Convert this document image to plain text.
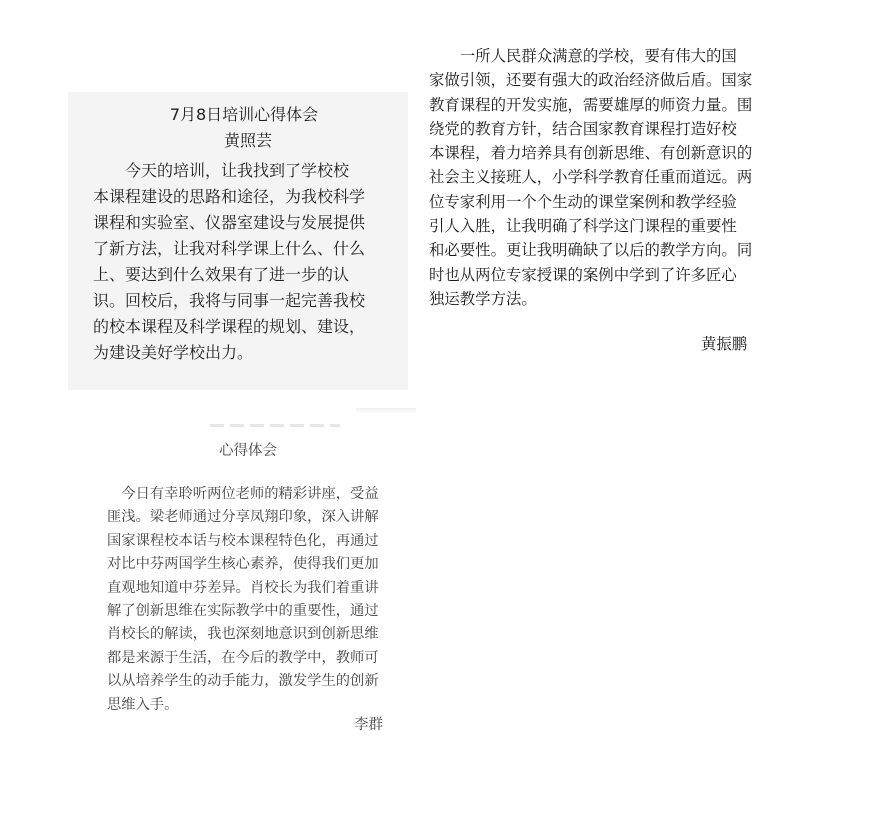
7月8日培训心得体会
黄照芸
　　今天的培训，让我找到了学校校
本课程建设的思路和途径，为我校科学
课程和实验室、仪器室建设与发展提供
了新方法，让我对科学课上什么、什么
上、要达到什么效果有了进一步的认
识。回校后，我将与同事一起完善我校
的校本课程及科学课程的规划、建设，
为建设美好学校出力。
　　一所人民群众满意的学校，要有伟大的国
家做引领，还要有强大的政治经济做后盾。国家
教育课程的开发实施，需要雄厚的师资力量。围
绕党的教育方针，结合国家教育课程打造好校
本课程，着力培养具有创新思维、有创新意识的
社会主义接班人，小学科学教育任重而道远。两
位专家利用一个个生动的课堂案例和教学经验
引人入胜，让我明确了科学这门课程的重要性
和必要性。更让我明确缺了以后的教学方向。同
时也从两位专家授课的案例中学到了许多匠心
独运教学方法。
黄振鹏
心得体会
　今日有幸聆听两位老师的精彩讲座，受益
匪浅。梁老师通过分享凤翔印象，深入讲解
国家课程校本话与校本课程特色化，再通过
对比中芬两国学生核心素养，使得我们更加
直观地知道中芬差异。肖校长为我们着重讲
解了创新思维在实际教学中的重要性，通过
肖校长的解读，我也深刻地意识到创新思维
都是来源于生活，在今后的教学中，教师可
以从培养学生的动手能力，激发学生的创新
思维入手。
李群
